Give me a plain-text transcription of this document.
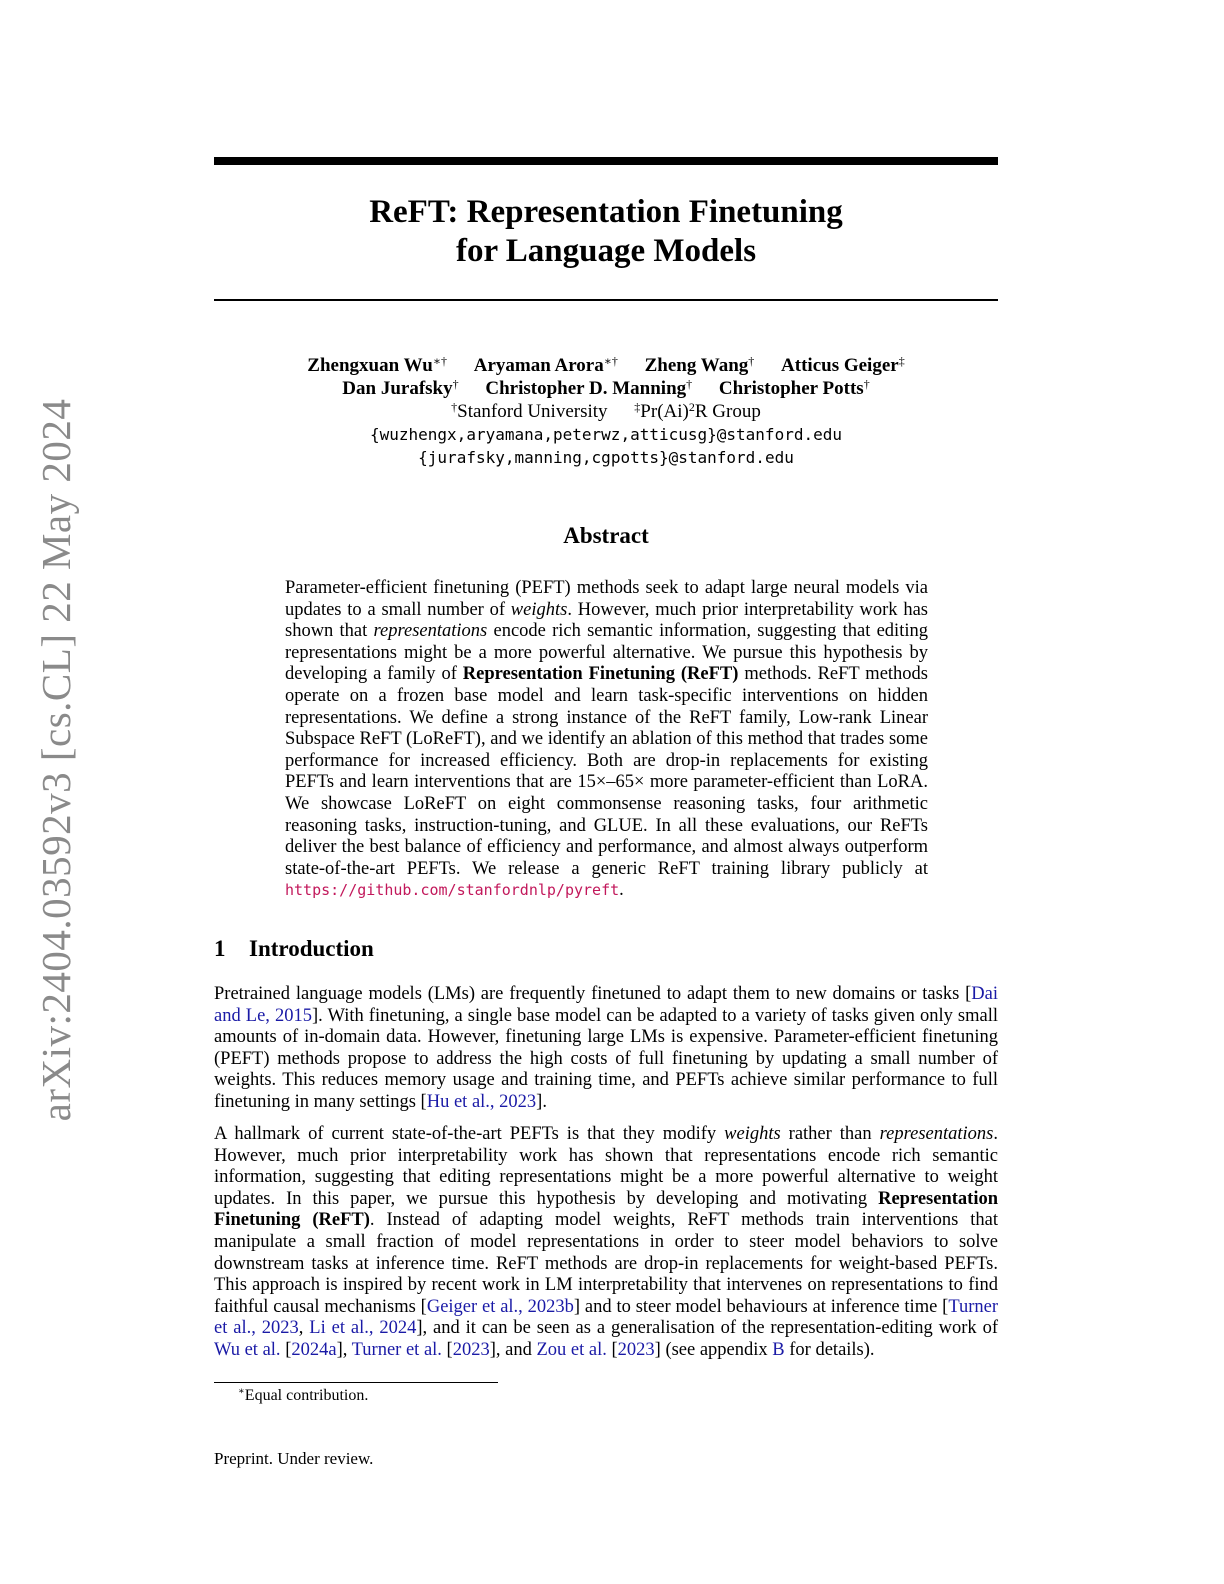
arXiv:2404.03592v3 [cs.CL] 22 May 2024
ReFT: Representation Finetuning
for Language Models
Zhengxuan Wu∗† Aryaman Arora∗† Zheng Wang† Atticus Geiger‡
Dan Jurafsky† Christopher D. Manning† Christopher Potts†
†Stanford University $^\ddagger Pr(Ai)^2R$ Group
{wuzhengx,aryamana,peterwz,atticusg}@stanford.edu
{jurafsky,manning,cgpotts}@stanford.edu
Abstract
Parameter-efficient finetuning (PEFT) methods seek to adapt large neural models via updates to a small number of weights. However, much prior interpretability work has shown that representations encode rich semantic information, suggesting that editing representations might be a more powerful alternative. We pursue this hypothesis by developing a family of Representation Finetuning (ReFT) methods. ReFT methods operate on a frozen base model and learn task-specific interventions on hidden representations. We define a strong instance of the ReFT family, Low-rank Linear Subspace ReFT (LoReFT), and we identify an ablation of this method that trades some performance for increased efficiency. Both are drop-in replacements for existing PEFTs and learn interventions that are 15×–65× more parameter-efficient than LoRA. We showcase LoReFT on eight commonsense reasoning tasks, four arithmetic reasoning tasks, instruction-tuning, and GLUE. In all these evaluations, our ReFTs deliver the best balance of efficiency and performance, and almost always outperform state-of-the-art PEFTs. We release a generic ReFT training library publicly at https://github.com/stanfordnlp/pyreft.
1 Introduction
Pretrained language models (LMs) are frequently finetuned to adapt them to new domains or tasks [Dai and Le, 2015]. With finetuning, a single base model can be adapted to a variety of tasks given only small amounts of in-domain data. However, finetuning large LMs is expensive. Parameter-efficient finetuning (PEFT) methods propose to address the high costs of full finetuning by updating a small number of weights. This reduces memory usage and training time, and PEFTs achieve similar performance to full finetuning in many settings [Hu et al., 2023].
A hallmark of current state-of-the-art PEFTs is that they modify weights rather than representations. However, much prior interpretability work has shown that representations encode rich semantic information, suggesting that editing representations might be a more powerful alternative to weight updates. In this paper, we pursue this hypothesis by developing and motivating Representation Finetuning (ReFT). Instead of adapting model weights, ReFT methods train interventions that manipulate a small fraction of model representations in order to steer model behaviors to solve downstream tasks at inference time. ReFT methods are drop-in replacements for weight-based PEFTs. This approach is inspired by recent work in LM interpretability that intervenes on representations to find faithful causal mechanisms [Geiger et al., 2023b] and to steer model behaviours at inference time [Turner et al., 2023, Li et al., 2024], and it can be seen as a generalisation of the representation-editing work of Wu et al. [2024a], Turner et al. [2023], and Zou et al. [2023] (see appendix B for details).
∗Equal contribution.
Preprint. Under review.
